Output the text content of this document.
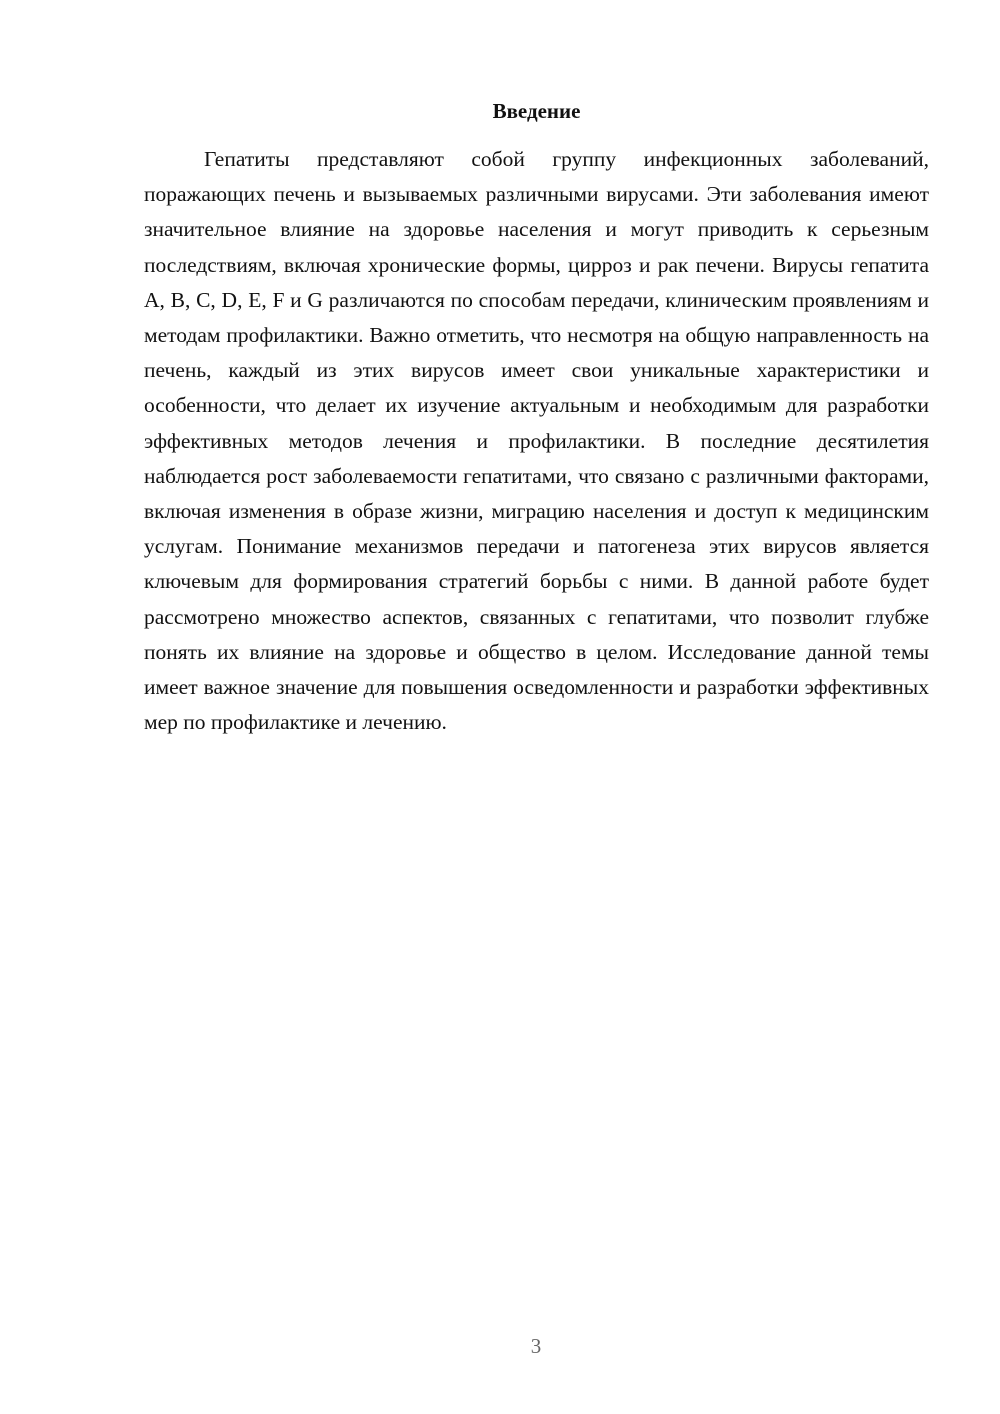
Введение

Гепатиты представляют собой группу инфекционных заболеваний, поражающих печень и вызываемых различными вирусами. Эти заболевания имеют значительное влияние на здоровье населения и могут приводить к серьезным последствиям, включая хронические формы, цирроз и рак печени. Вирусы гепатита A, B, C, D, E, F и G различаются по способам передачи, клиническим проявлениям и методам профилактики. Важно отметить, что несмотря на общую направленность на печень, каждый из этих вирусов имеет свои уникальные характеристики и особенности, что делает их изучение актуальным и необходимым для разработки эффективных методов лечения и профилактики. В последние десятилетия наблюдается рост заболеваемости гепатитами, что связано с различными факторами, включая изменения в образе жизни, миграцию населения и доступ к медицинским услугам. Понимание механизмов передачи и патогенеза этих вирусов является ключевым для формирования стратегий борьбы с ними. В данной работе будет рассмотрено множество аспектов, связанных с гепатитами, что позволит глубже понять их влияние на здоровье и общество в целом. Исследование данной темы имеет важное значение для повышения осведомленности и разработки эффективных мер по профилактике и лечению.

3
